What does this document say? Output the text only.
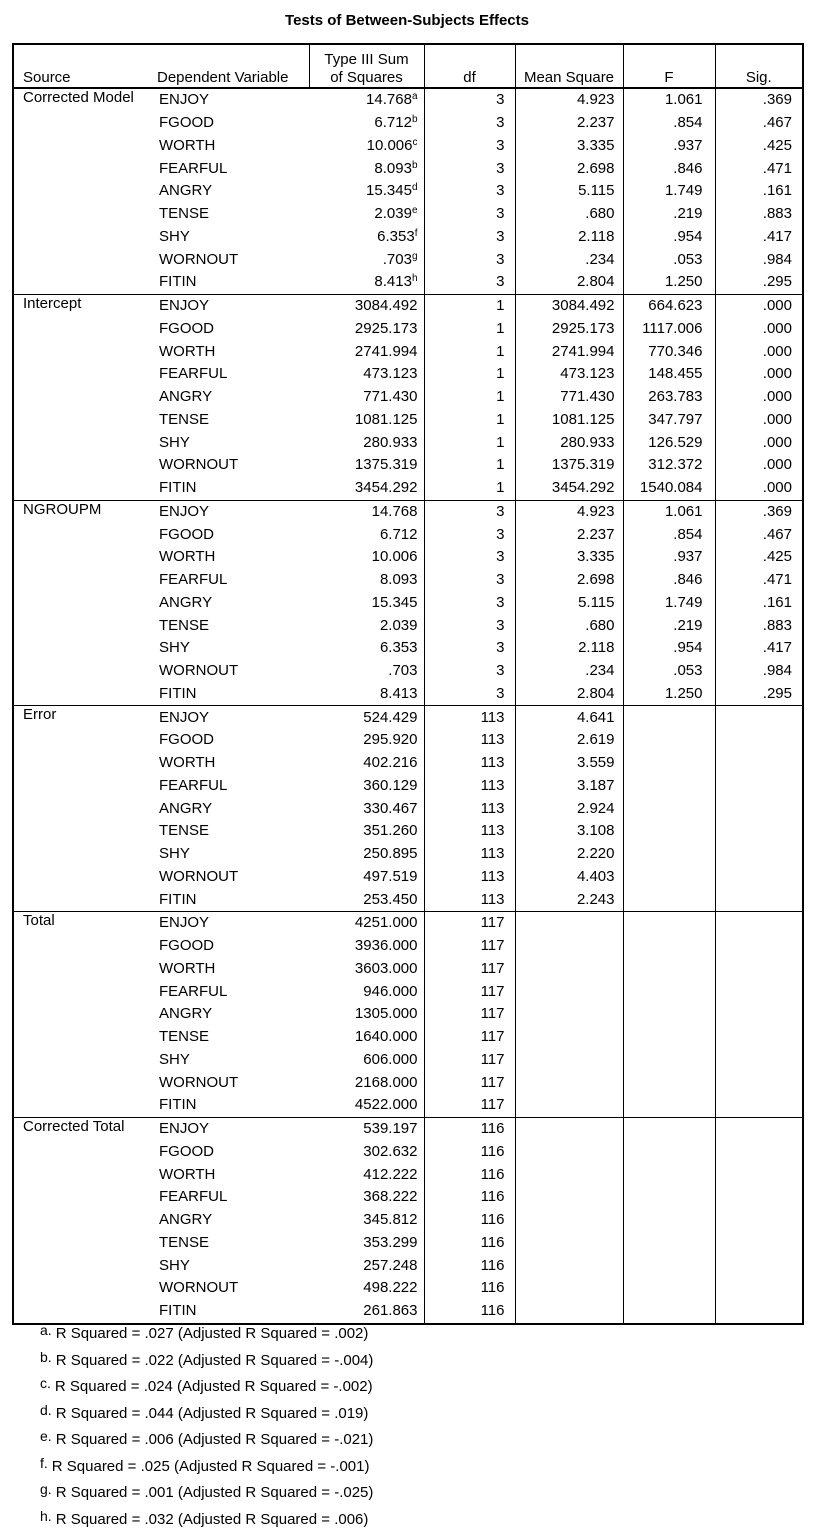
Tests of Between-Subjects Effects
Source	Dependent Variable	Type III Sum
of Squares	df	Mean Square	F	Sig.
Corrected Model	ENJOY	14.768$^a$	3	4.923	1.061	.369
	FGOOD	6.712$^b$	3	2.237	.854	.467
	WORTH	10.006$^c$	3	3.335	.937	.425
	FEARFUL	8.093$^b$	3	2.698	.846	.471
	ANGRY	15.345$^d$	3	5.115	1.749	.161
	TENSE	2.039e	3	.680	.219	.883
	SHY	6.353$^f$	3	2.118	.954	.417
	WORNOUT	.703$^g$	3	.234	.053	.984
	FITIN	8.413$^h$	3	2.804	1.250	.295
Intercept	ENJOY	3084.492	1	3084.492	664.623	.000
	FGOOD	2925.173	1	2925.173	1117.006	.000
	WORTH	2741.994	1	2741.994	770.346	.000
	FEARFUL	473.123	1	473.123	148.455	.000
	ANGRY	771.430	1	771.430	263.783	.000
	TENSE	1081.125	1	1081.125	347.797	.000
	SHY	280.933	1	280.933	126.529	.000
	WORNOUT	1375.319	1	1375.319	312.372	.000
	FITIN	3454.292	1	3454.292	1540.084	.000
NGROUPM	ENJOY	14.768	3	4.923	1.061	.369
	FGOOD	6.712	3	2.237	.854	.467
	WORTH	10.006	3	3.335	.937	.425
	FEARFUL	8.093	3	2.698	.846	.471
	ANGRY	15.345	3	5.115	1.749	.161
	TENSE	2.039	3	.680	.219	.883
	SHY	6.353	3	2.118	.954	.417
	WORNOUT	.703	3	.234	.053	.984
	FITIN	8.413	3	2.804	1.250	.295
Error	ENJOY	524.429	113	4.641		
	FGOOD	295.920	113	2.619		
	WORTH	402.216	113	3.559		
	FEARFUL	360.129	113	3.187		
	ANGRY	330.467	113	2.924		
	TENSE	351.260	113	3.108		
	SHY	250.895	113	2.220		
	WORNOUT	497.519	113	4.403		
	FITIN	253.450	113	2.243		
Total	ENJOY	4251.000	117			
	FGOOD	3936.000	117			
	WORTH	3603.000	117			
	FEARFUL	946.000	117			
	ANGRY	1305.000	117			
	TENSE	1640.000	117			
	SHY	606.000	117			
	WORNOUT	2168.000	117			
	FITIN	4522.000	117			
Corrected Total	ENJOY	539.197	116			
	FGOOD	302.632	116			
	WORTH	412.222	116			
	FEARFUL	368.222	116			
	ANGRY	345.812	116			
	TENSE	353.299	116			
	SHY	257.248	116			
	WORNOUT	498.222	116			
	FITIN	261.863	116			
a. R Squared = .027 (Adjusted R Squared = .002)
b. R Squared = .022 (Adjusted R Squared = -.004)
c. R Squared = .024 (Adjusted R Squared = -.002)
d. R Squared = .044 (Adjusted R Squared = .019)
e. R Squared = .006 (Adjusted R Squared = -.021)
f. R Squared = .025 (Adjusted R Squared = -.001)
g. R Squared = .001 (Adjusted R Squared = -.025)
h. R Squared = .032 (Adjusted R Squared = .006)
